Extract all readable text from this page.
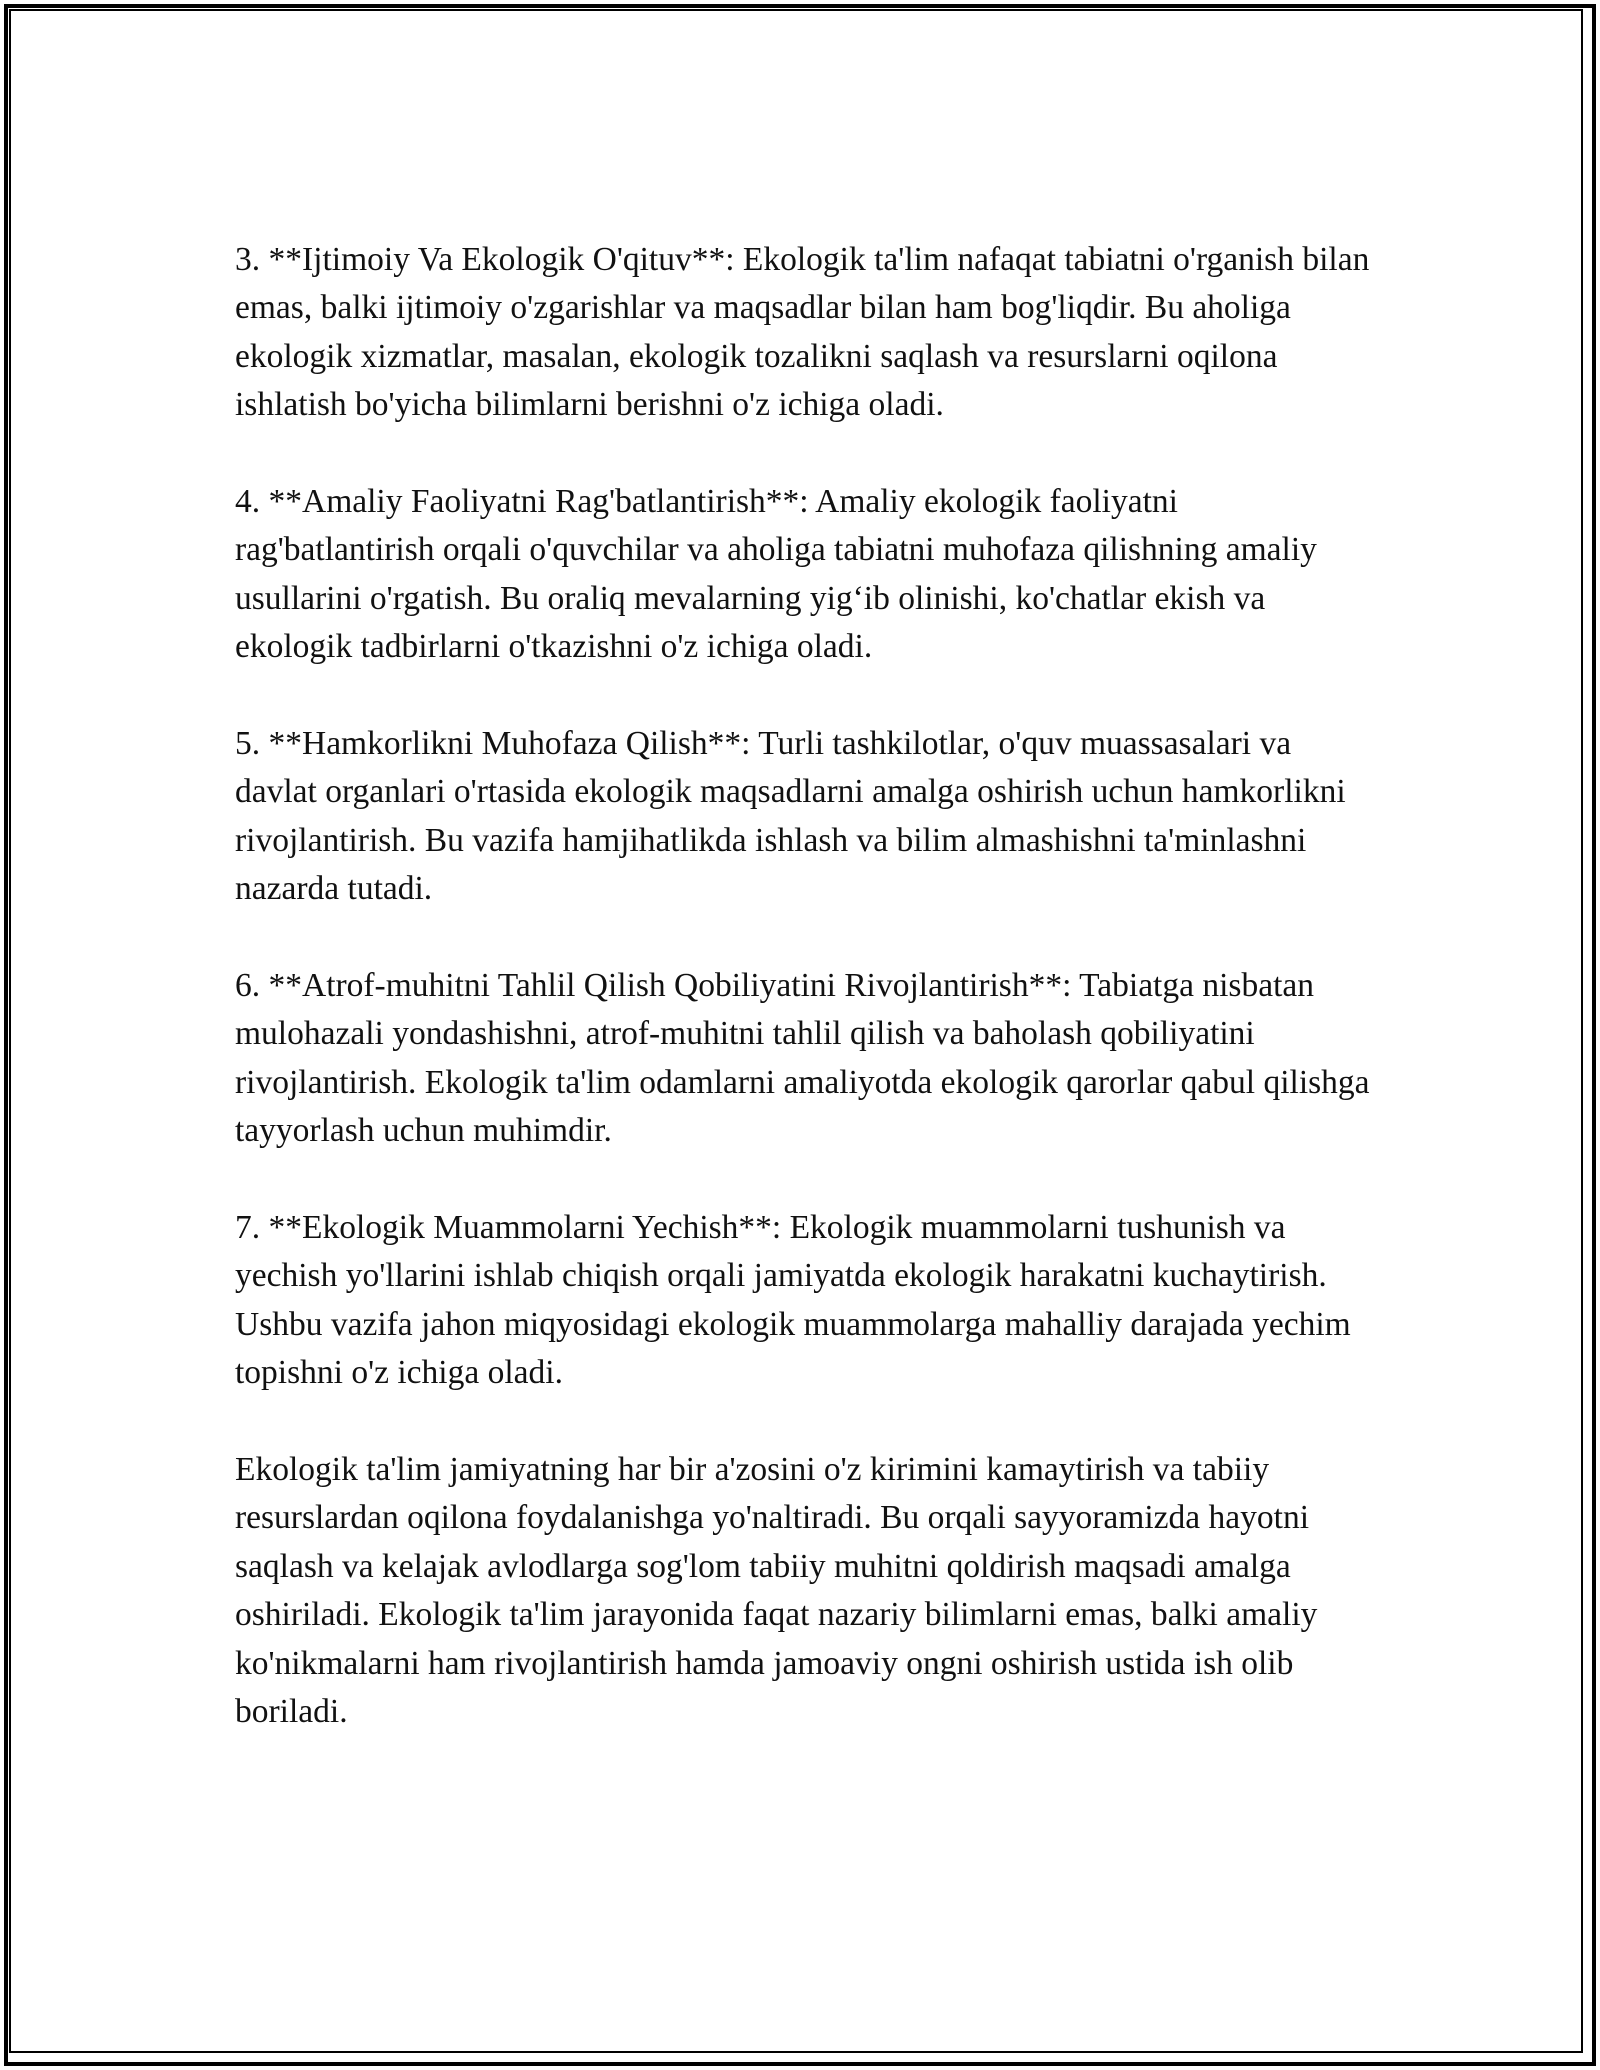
3. **Ijtimoiy Va Ekologik O'qituv**: Ekologik ta'lim nafaqat tabiatni o'rganish bilan emas, balki ijtimoiy o'zgarishlar va maqsadlar bilan ham bog'liqdir. Bu aholiga ekologik xizmatlar, masalan, ekologik tozalikni saqlash va resurslarni oqilona ishlatish bo'yicha bilimlarni berishni o'z ichiga oladi.

4. **Amaliy Faoliyatni Rag'batlantirish**: Amaliy ekologik faoliyatni rag'batlantirish orqali o'quvchilar va aholiga tabiatni muhofaza qilishning amaliy usullarini o'rgatish. Bu oraliq mevalarning yig‘ib olinishi, ko'chatlar ekish va ekologik tadbirlarni o'tkazishni o'z ichiga oladi.

5. **Hamkorlikni Muhofaza Qilish**: Turli tashkilotlar, o'quv muassasalari va davlat organlari o'rtasida ekologik maqsadlarni amalga oshirish uchun hamkorlikni rivojlantirish. Bu vazifa hamjihatlikda ishlash va bilim almashishni ta'minlashni nazarda tutadi.

6. **Atrof-muhitni Tahlil Qilish Qobiliyatini Rivojlantirish**: Tabiatga nisbatan mulohazali yondashishni, atrof-muhitni tahlil qilish va baholash qobiliyatini rivojlantirish. Ekologik ta'lim odamlarni amaliyotda ekologik qarorlar qabul qilishga tayyorlash uchun muhimdir.

7. **Ekologik Muammolarni Yechish**: Ekologik muammolarni tushunish va yechish yo'llarini ishlab chiqish orqali jamiyatda ekologik harakatni kuchaytirish. Ushbu vazifa jahon miqyosidagi ekologik muammolarga mahalliy darajada yechim topishni o'z ichiga oladi.

Ekologik ta'lim jamiyatning har bir a'zosini o'z kirimini kamaytirish va tabiiy resurslardan oqilona foydalanishga yo'naltiradi. Bu orqali sayyoramizda hayotni saqlash va kelajak avlodlarga sog'lom tabiiy muhitni qoldirish maqsadi amalga oshiriladi. Ekologik ta'lim jarayonida faqat nazariy bilimlarni emas, balki amaliy ko'nikmalarni ham rivojlantirish hamda jamoaviy ongni oshirish ustida ish olib boriladi.
